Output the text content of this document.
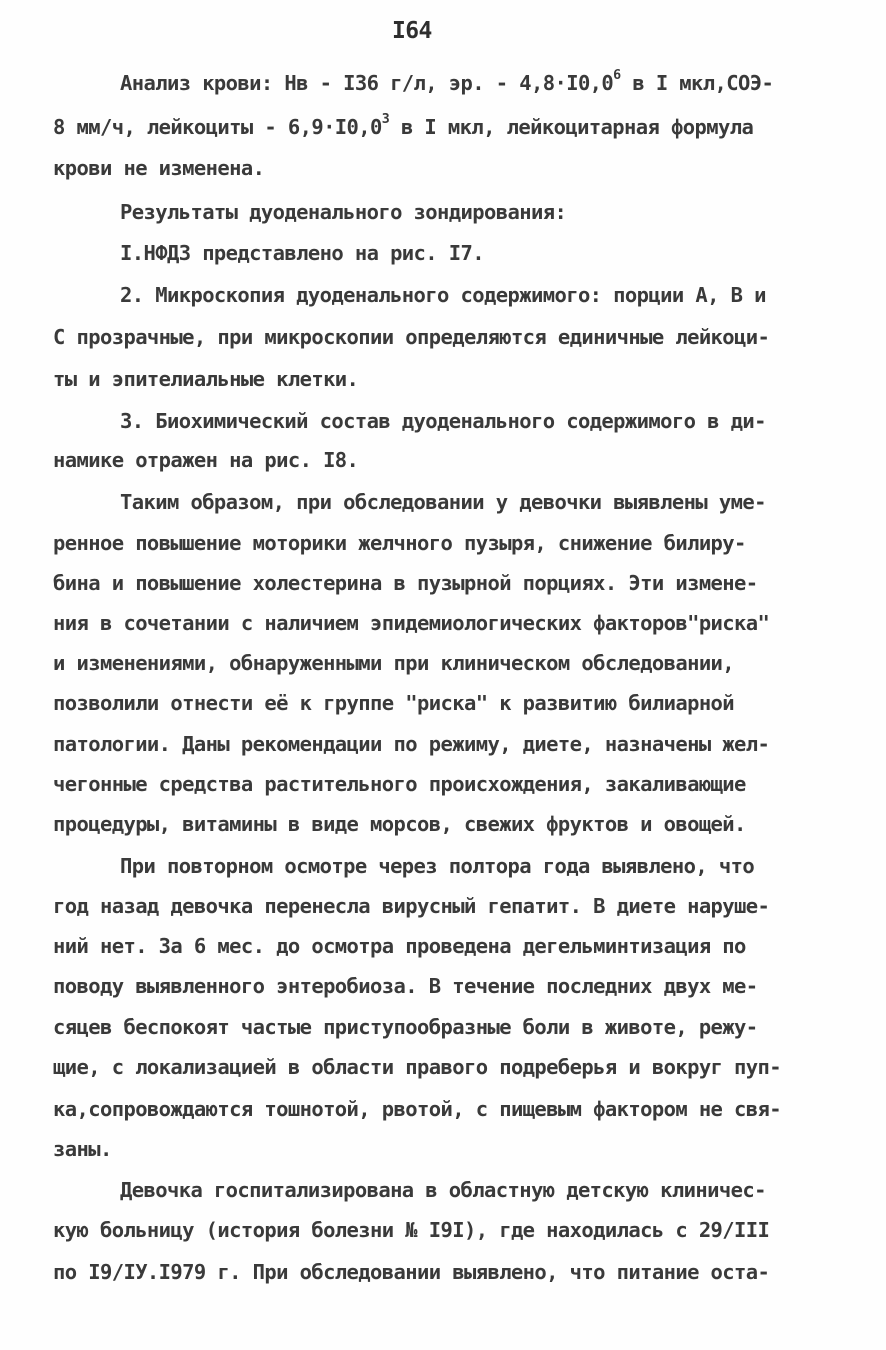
I64
Анализ крови: Нв - I36 г/л, эр. - $4,8\cdot I0,0^6$ в I мкл,СОЭ-
8 мм/ч, лейкоциты - $6,9\cdot I0,0^3$ в I мкл, лейкоцитарная формула
крови не изменена.
Результаты дуоденального зондирования:
I.НФДЗ представлено на рис. I7.
2. Микроскопия дуоденального содержимого: порции А, В и
С прозрачные, при микроскопии определяются единичные лейкоци-
ты и эпителиальные клетки.
3. Биохимический состав дуоденального содержимого в ди-
намике отражен на рис. I8.
Таким образом, при обследовании у девочки выявлены уме-
ренное повышение моторики желчного пузыря, снижение билиру-
бина и повышение холестерина в пузырной порциях. Эти измене-
ния в сочетании с наличием эпидемиологических факторов"риска"
и изменениями, обнаруженными при клиническом обследовании,
позволили отнести её к группе "риска" к развитию билиарной
патологии. Даны рекомендации по режиму, диете, назначены жел-
чегонные средства растительного происхождения, закаливающие
процедуры, витамины в виде морсов, свежих фруктов и овощей.
При повторном осмотре через полтора года выявлено, что
год назад девочка перенесла вирусный гепатит. В диете наруше-
ний нет. За 6 мес. до осмотра проведена дегельминтизация по
поводу выявленного энтеробиоза. В течение последних двух ме-
сяцев беспокоят частые приступообразные боли в животе, режу-
щие, с локализацией в области правого подреберья и вокруг пуп-
ка,сопровождаются тошнотой, рвотой, с пищевым фактором не свя-
заны.
Девочка госпитализирована в областную детскую клиничес-
кую больницу (история болезни № I9I), где находилась с 29/III
по I9/IУ.I979 г. При обследовании выявлено, что питание оста-
